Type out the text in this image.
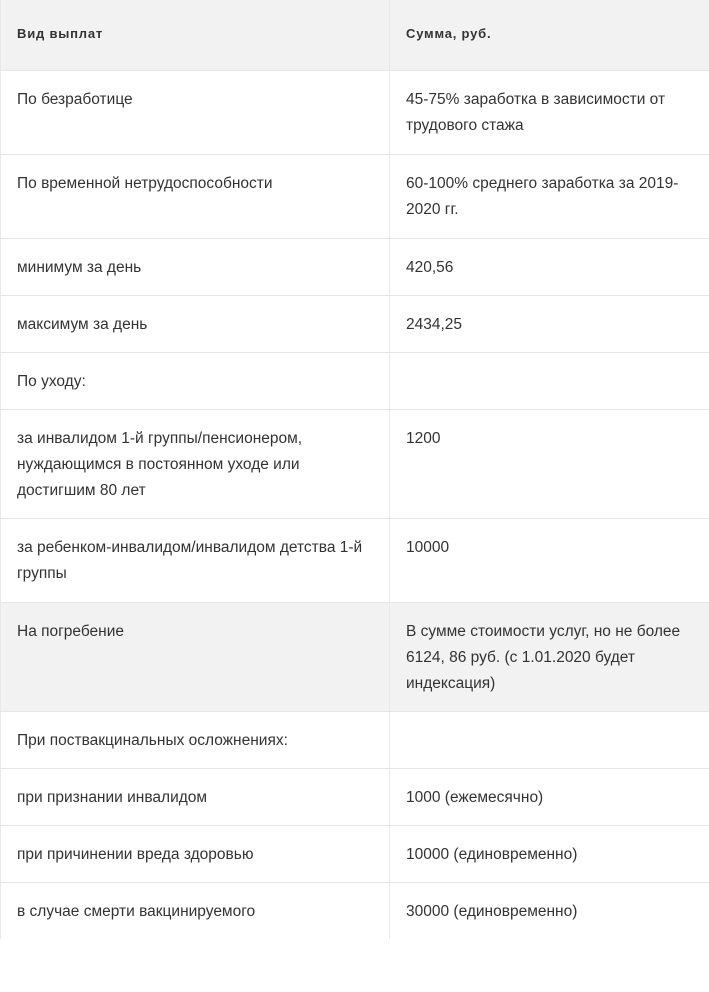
Вид выплат	Сумма, руб.
По безработице	45-75% заработка в зависимости от трудового стажа
По временной нетрудоспособности	60-100% среднего заработка за 2019-2020 гг.
минимум за день	420,56
максимум за день	2434,25
По уходу:	
за инвалидом 1-й группы/пенсионером, нуждающимся в постоянном уходе или достигшим 80 лет	1200
за ребенком-инвалидом/инвалидом детства 1-й группы	10000
На погребение	В сумме стоимости услуг, но не более 6124, 86 руб. (с 1.01.2020 будет индексация)
При поствакцинальных осложнениях:	
при признании инвалидом	1000 (ежемесячно)
при причинении вреда здоровью	10000 (единовременно)
в случае смерти вакцинируемого	30000 (единовременно)
